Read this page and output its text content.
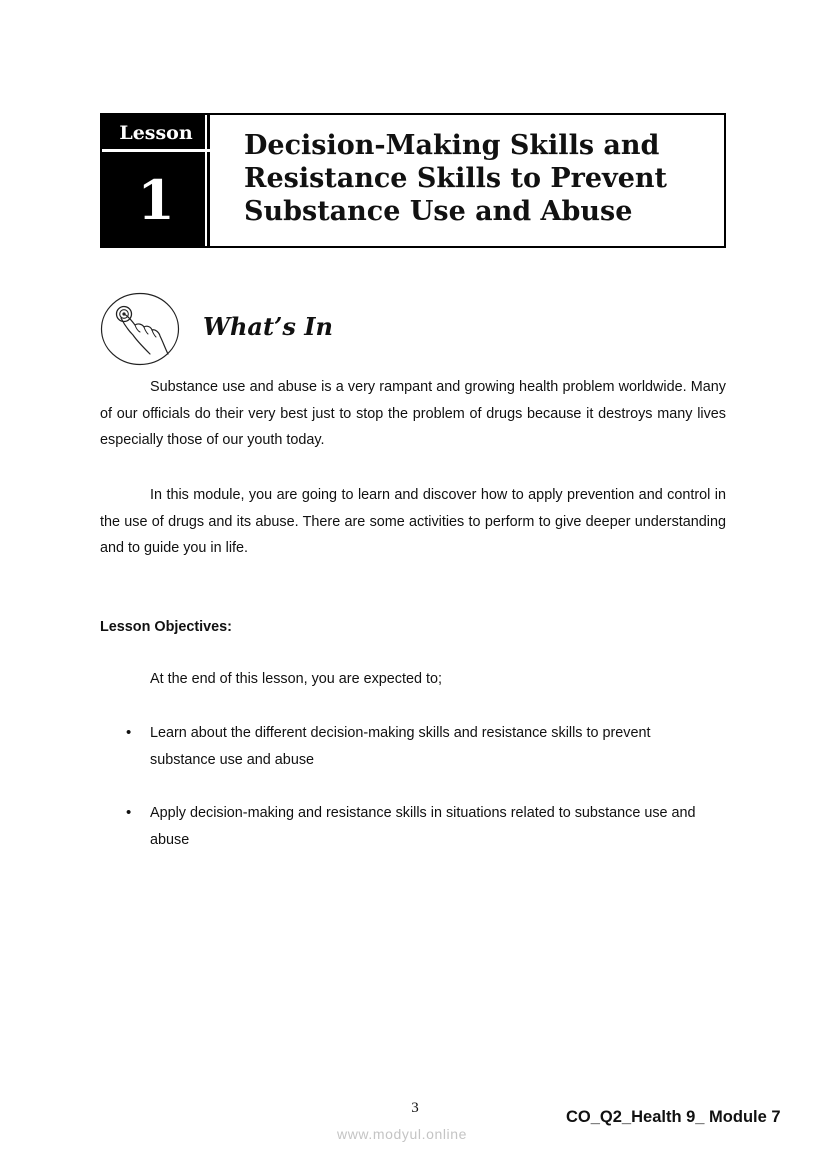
Lesson
1
Decision-Making Skills and
Resistance Skills to Prevent
Substance Use and Abuse
What’s In

Substance use and abuse is a very rampant and growing health problem worldwide. Many of our officials do their very best just to stop the problem of drugs because it destroys many lives especially those of our youth today.

In this module, you are going to learn and discover how to apply prevention and control in the use of drugs and its abuse. There are some activities to perform to give deeper understanding and to guide you in life.

Lesson Objectives:
At the end of this lesson, you are expected to;
• Learn about the different decision-making skills and resistance skills to prevent substance use and abuse
• Apply decision-making and resistance skills in situations related to substance use and abuse
3	CO_Q2_Health 9_ Module 7
www.modyul.online
